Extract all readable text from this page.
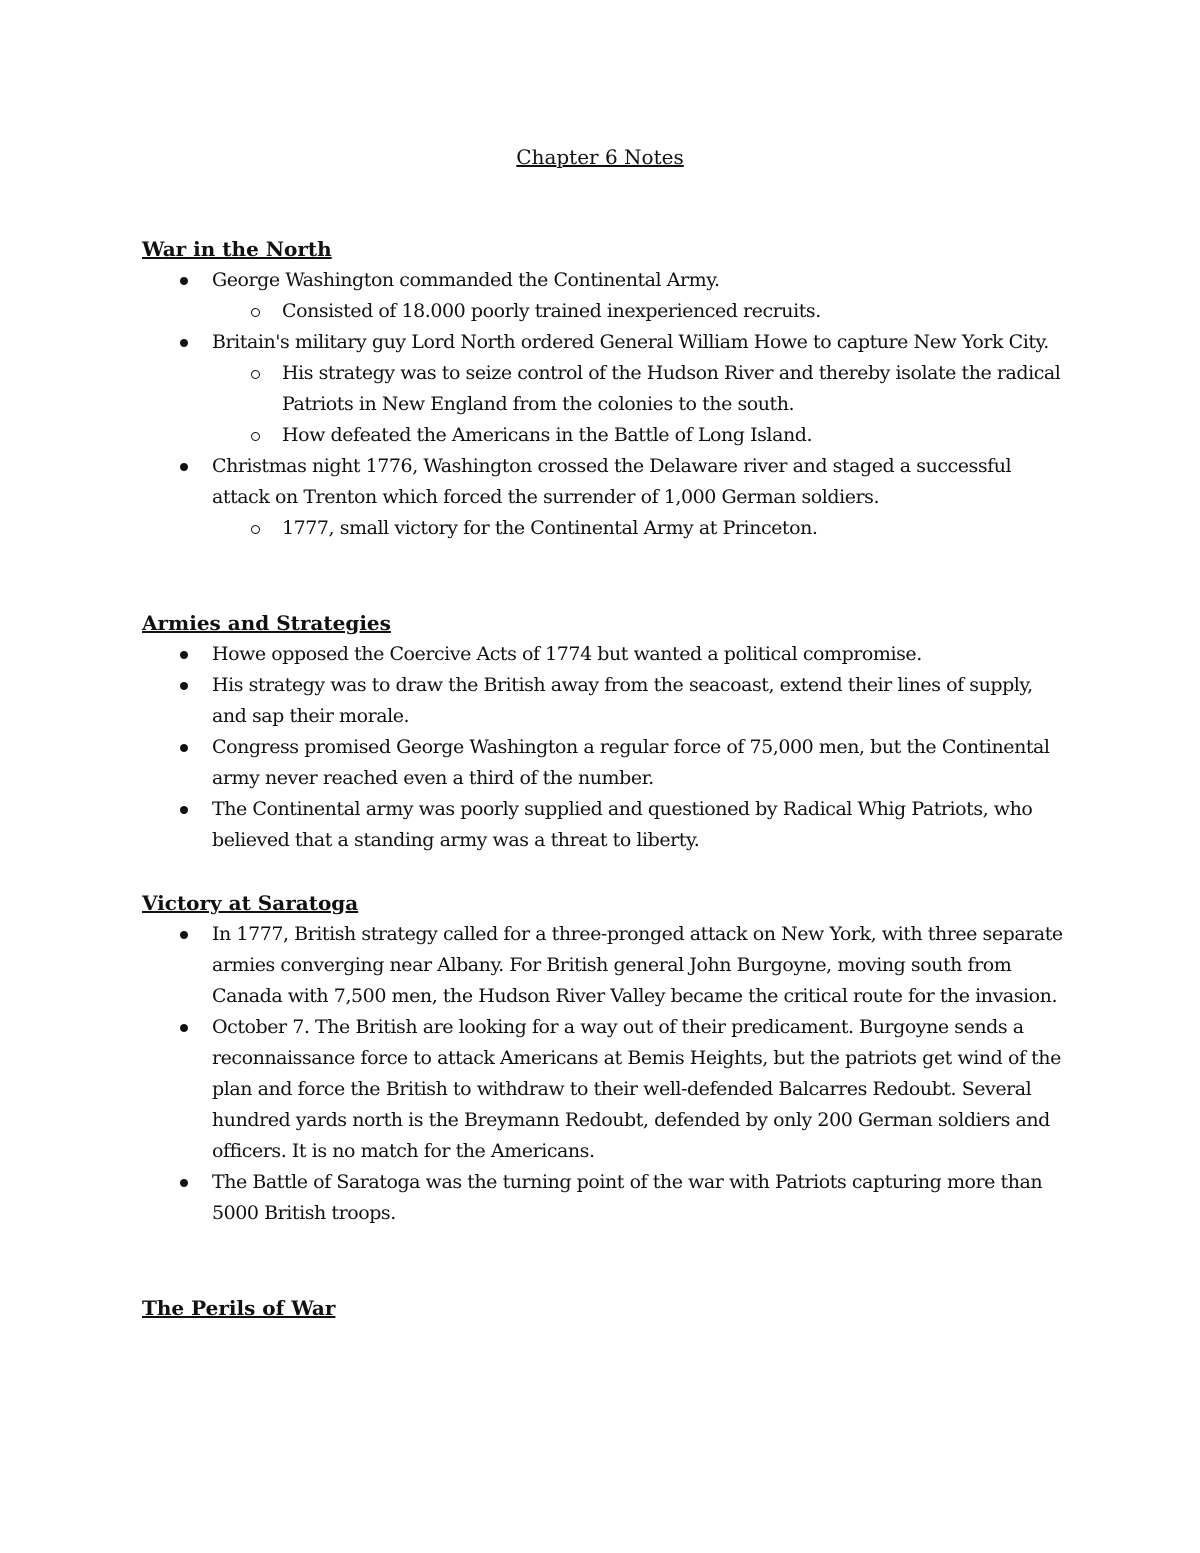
Chapter 6 Notes
War in the North
George Washington commanded the Continental Army.
Consisted of 18.000 poorly trained inexperienced recruits.
Britain's military guy Lord North ordered General William Howe to capture New York City.
His strategy was to seize control of the Hudson River and thereby isolate the radical Patriots in New England from the colonies to the south.
How defeated the Americans in the Battle of Long Island.
Christmas night 1776, Washington crossed the Delaware river and staged a successful attack on Trenton which forced the surrender of 1,000 German soldiers.
1777, small victory for the Continental Army at Princeton.
Armies and Strategies
Howe opposed the Coercive Acts of 1774 but wanted a political compromise.
His strategy was to draw the British away from the seacoast, extend their lines of supply, and sap their morale.
Congress promised George Washington a regular force of 75,000 men, but the Continental army never reached even a third of the number.
The Continental army was poorly supplied and questioned by Radical Whig Patriots, who believed that a standing army was a threat to liberty.
Victory at Saratoga
In 1777, British strategy called for a three-pronged attack on New York, with three separate armies converging near Albany. For British general John Burgoyne, moving south from Canada with 7,500 men, the Hudson River Valley became the critical route for the invasion.
October 7. The British are looking for a way out of their predicament. Burgoyne sends a reconnaissance force to attack Americans at Bemis Heights, but the patriots get wind of the plan and force the British to withdraw to their well-defended Balcarres Redoubt. Several hundred yards north is the Breymann Redoubt, defended by only 200 German soldiers and officers. It is no match for the Americans.
The Battle of Saratoga was the turning point of the war with Patriots capturing more than 5000 British troops.
The Perils of War
